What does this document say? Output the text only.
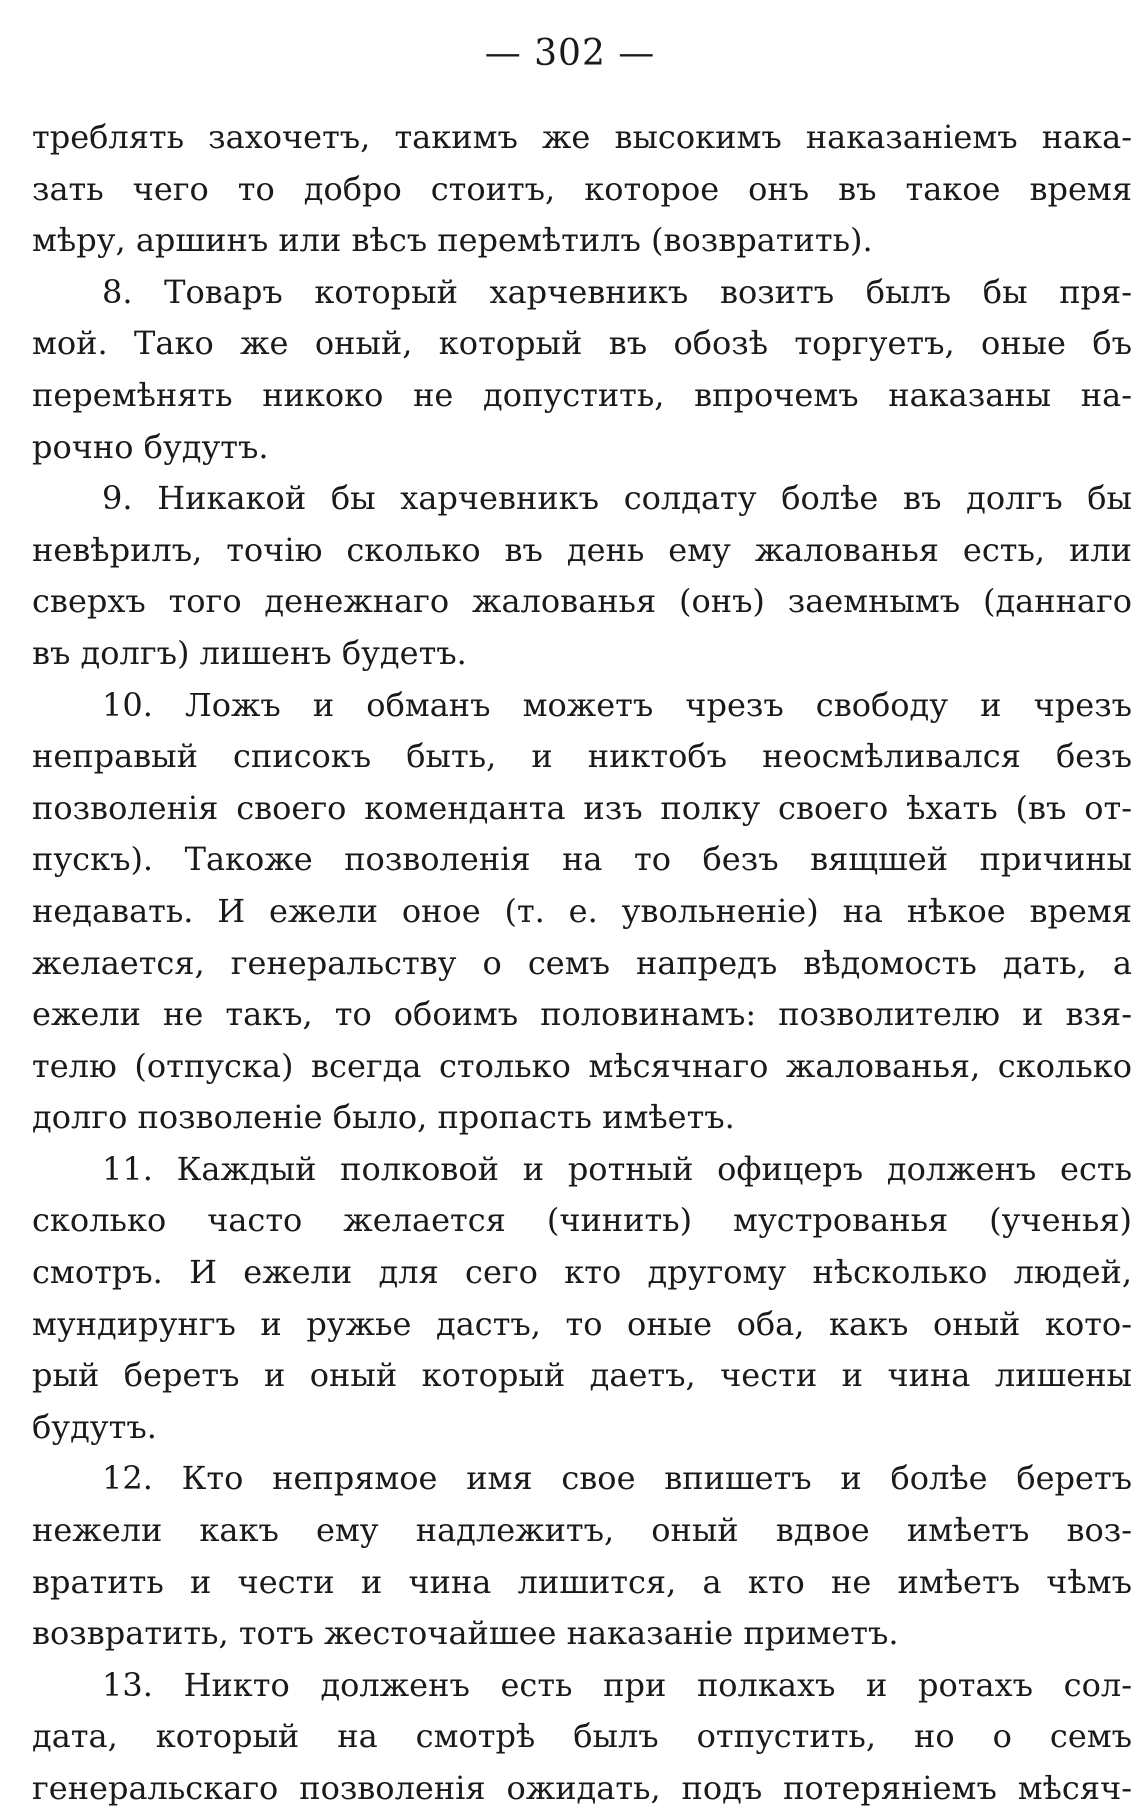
— 302 —
треблять захочетъ, такимъ же высокимъ наказаніемъ нака-
зать чего то добро стоитъ, которое онъ въ такое время
мѣру, аршинъ или вѣсъ перемѣтилъ (возвратить).
8. Товаръ который харчевникъ возитъ былъ бы пря-
мой. Тако же оный, который въ обозѣ торгуетъ, оные бъ
перемѣнять никоко не допустить, впрочемъ наказаны на-
рочно будутъ.
9. Никакой бы харчевникъ солдату болѣе въ долгъ бы
невѣрилъ, точію сколько въ день ему жалованья есть, или
сверхъ того денежнаго жалованья (онъ) заемнымъ (даннаго
въ долгъ) лишенъ будетъ.
10. Ложъ и обманъ можетъ чрезъ свободу и чрезъ
неправый списокъ быть, и никтобъ неосмѣливался безъ
позволенія своего коменданта изъ полку своего ѣхать (въ от-
пускъ). Такоже позволенія на то безъ вящшей причины
недавать. И ежели оное (т. е. увольненіе) на нѣкое время
желается, генеральству о семъ напредъ вѣдомость дать, а
ежели не такъ, то обоимъ половинамъ: позволителю и взя-
телю (отпуска) всегда столько мѣсячнаго жалованья, сколько
долго позволеніе было, пропасть имѣетъ.
11. Каждый полковой и ротный офицеръ долженъ есть
сколько часто желается (чинить) мустрованья (ученья)
смотръ. И ежели для сего кто другому нѣсколько людей,
мундирунгъ и ружье дастъ, то оные оба, какъ оный кото-
рый беретъ и оный который даетъ, чести и чина лишены
будутъ.
12. Кто непрямое имя свое впишетъ и болѣе беретъ
нежели какъ ему надлежитъ, оный вдвое имѣетъ воз-
вратить и чести и чина лишится, а кто не имѣетъ чѣмъ
возвратить, тотъ жесточайшее наказаніе приметъ.
13. Никто долженъ есть при полкахъ и ротахъ сол-
дата, который на смотрѣ былъ отпустить, но о семъ
генеральскаго позволенія ожидать, подъ потеряніемъ мѣсяч-
